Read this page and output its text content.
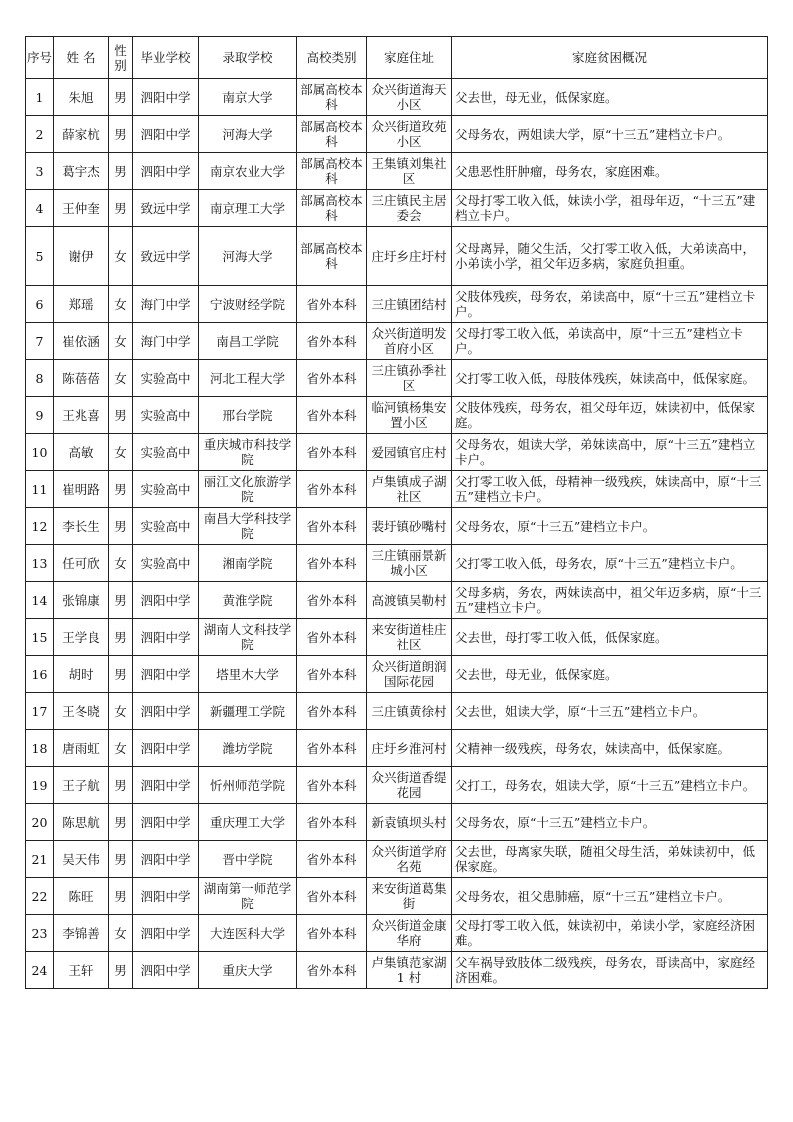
序号	姓 名	性别	毕业学校	录取学校	高校类别	家庭住址	家庭贫困概况
1	朱旭	男	泗阳中学	南京大学	部属高校本科	众兴街道海天小区	父去世，母无业，低保家庭。
2	薛家杭	男	泗阳中学	河海大学	部属高校本科	众兴街道玫苑小区	父母务农，两姐读大学，原“十三五”建档立卡户。
3	葛宇杰	男	泗阳中学	南京农业大学	部属高校本科	王集镇刘集社区	父患恶性肝肿瘤，母务农，家庭困难。
4	王仲奎	男	致远中学	南京理工大学	部属高校本科	三庄镇民主居委会	父母打零工收入低，妹读小学，祖母年迈，“十三五”建档立卡户。
5	谢伊	女	致远中学	河海大学	部属高校本科	庄圩乡庄圩村	父母离异，随父生活，父打零工收入低，大弟读高中，小弟读小学，祖父年迈多病，家庭负担重。
6	郑瑶	女	海门中学	宁波财经学院	省外本科	三庄镇团结村	父肢体残疾，母务农，弟读高中，原“十三五”建档立卡户。
7	崔依涵	女	海门中学	南昌工学院	省外本科	众兴街道明发首府小区	父母打零工收入低，弟读高中，原“十三五”建档立卡户。
8	陈蓓蓓	女	实验高中	河北工程大学	省外本科	三庄镇孙季社区	父打零工收入低，母肢体残疾，妹读高中，低保家庭。
9	王兆喜	男	实验高中	邢台学院	省外本科	临河镇杨集安置小区	父肢体残疾，母务农，祖父母年迈，妹读初中，低保家庭。
10	高敏	女	实验高中	重庆城市科技学院	省外本科	爱园镇官庄村	父母务农，姐读大学，弟妹读高中，原“十三五”建档立卡户。
11	崔明路	男	实验高中	丽江文化旅游学院	省外本科	卢集镇成子湖社区	父打零工收入低，母精神一级残疾，妹读高中，原“十三五”建档立卡户。
12	李长生	男	实验高中	南昌大学科技学院	省外本科	裴圩镇砂嘴村	父母务农，原“十三五”建档立卡户。
13	任可欣	女	实验高中	湘南学院	省外本科	三庄镇丽景新城小区	父打零工收入低，母务农，原“十三五”建档立卡户。
14	张锦康	男	泗阳中学	黄淮学院	省外本科	高渡镇吴勒村	父母多病，务农，两妹读高中，祖父年迈多病，原“十三五”建档立卡户。
15	王学良	男	泗阳中学	湖南人文科技学院	省外本科	来安街道桂庄社区	父去世，母打零工收入低，低保家庭。
16	胡时	男	泗阳中学	塔里木大学	省外本科	众兴街道朗润国际花园	父去世，母无业，低保家庭。
17	王冬晓	女	泗阳中学	新疆理工学院	省外本科	三庄镇黄徐村	父去世，姐读大学，原“十三五”建档立卡户。
18	唐雨虹	女	泗阳中学	潍坊学院	省外本科	庄圩乡淮河村	父精神一级残疾，母务农，妹读高中，低保家庭。
19	王子航	男	泗阳中学	忻州师范学院	省外本科	众兴街道香缇花园	父打工，母务农，姐读大学，原“十三五”建档立卡户。
20	陈思航	男	泗阳中学	重庆理工大学	省外本科	新袁镇坝头村	父母务农，原“十三五”建档立卡户。
21	吴天伟	男	泗阳中学	晋中学院	省外本科	众兴街道学府名苑	父去世，母离家失联，随祖父母生活，弟妹读初中，低保家庭。
22	陈旺	男	泗阳中学	湖南第一师范学院	省外本科	来安街道葛集街	父母务农，祖父患肺癌，原“十三五”建档立卡户。
23	李锦善	女	泗阳中学	大连医科大学	省外本科	众兴街道金康华府	父母打零工收入低，妹读初中，弟读小学，家庭经济困难。
24	王轩	男	泗阳中学	重庆大学	省外本科	卢集镇范家湖1 村	父车祸导致肢体二级残疾，母务农，哥读高中，家庭经济困难。
